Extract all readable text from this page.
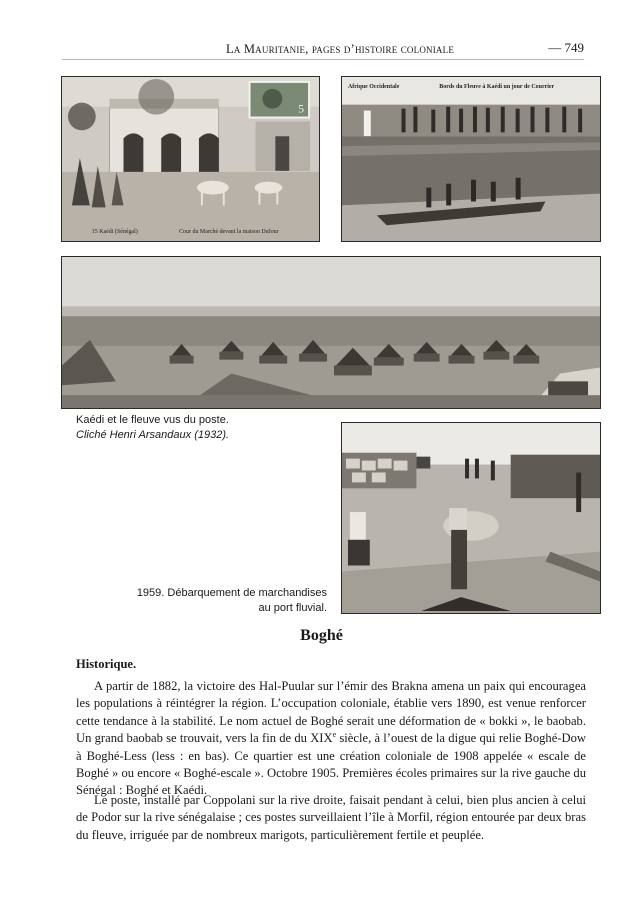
La Mauritanie, pages d’histoire coloniale	— 749
5
15 Kaédi (Sénégal)	Cour du Marché devant la maison Dufour
Afrique Occidentale	Bords du Fleuve à Kaédi un jour de Courrier
Kaédi et le fleuve vus du poste.
Cliché Henri Arsandaux (1932).
1959. Débarquement de marchandises
au port fluvial.
Boghé
Historique.

A partir de 1882, la victoire des Hal-Puular sur l’émir des Brakna amena un paix qui encouragea les populations à réintégrer la région. L’occupation coloniale, établie vers 1890, est venue renforcer cette tendance à la stabilité. Le nom actuel de Boghé serait une déformation de « bokki », le baobab. Un grand baobab se trouvait, vers la fin de du XIXe siècle, à l’ouest de la digue qui relie Boghé-Dow à Boghé-Less (less : en bas). Ce quartier est une création coloniale de 1908 appelée « escale de Boghé » ou encore « Boghé-escale ». Octobre 1905. Premières écoles primaires sur la rive gauche du Sénégal : Boghé et Kaédi.

Le poste, installé par Coppolani sur la rive droite, faisait pendant à celui, bien plus ancien à celui de Podor sur la rive sénégalaise ; ces postes surveillaient l’île à Morfil, région entourée par deux bras du fleuve, irriguée par de nombreux marigots, particulièrement fertile et peuplée.
